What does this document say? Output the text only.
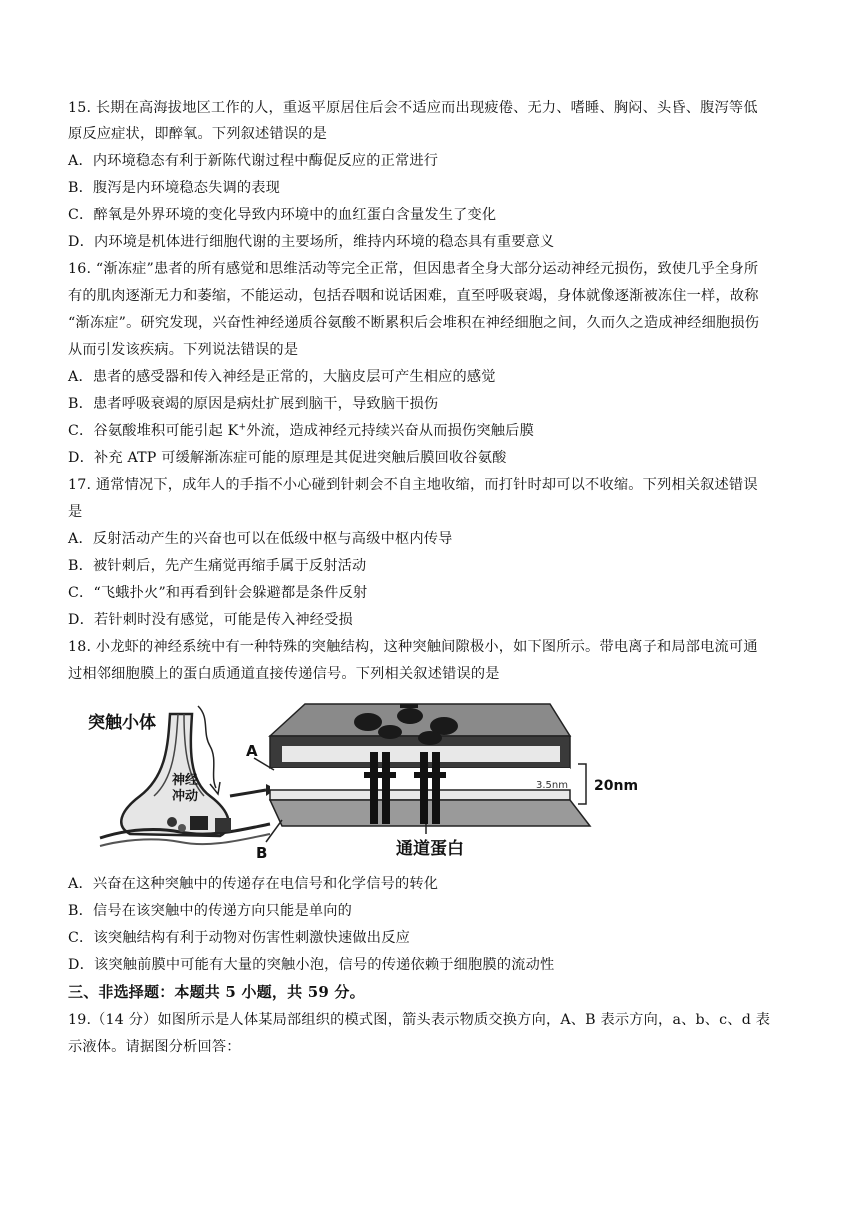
15. 长期在高海拔地区工作的人，重返平原居住后会不适应而出现疲倦、无力、嗜睡、胸闷、头昏、腹泻等低
原反应症状，即醉氧。下列叙述错误的是
A．内环境稳态有利于新陈代谢过程中酶促反应的正常进行
B．腹泻是内环境稳态失调的表现
C．醉氧是外界环境的变化导致内环境中的血红蛋白含量发生了变化
D．内环境是机体进行细胞代谢的主要场所，维持内环境的稳态具有重要意义
16. “渐冻症”患者的所有感觉和思维活动等完全正常，但因患者全身大部分运动神经元损伤，致使几乎全身所
有的肌肉逐渐无力和萎缩，不能运动，包括吞咽和说话困难，直至呼吸衰竭，身体就像逐渐被冻住一样，故称
“渐冻症”。研究发现，兴奋性神经递质谷氨酸不断累积后会堆积在神经细胞之间，久而久之造成神经细胞损伤
从而引发该疾病。下列说法错误的是
A．患者的感受器和传入神经是正常的，大脑皮层可产生相应的感觉
B．患者呼吸衰竭的原因是病灶扩展到脑干，导致脑干损伤
C．谷氨酸堆积可能引起 K+外流，造成神经元持续兴奋从而损伤突触后膜
D．补充 ATP 可缓解渐冻症可能的原理是其促进突触后膜回收谷氨酸
17. 通常情况下，成年人的手指不小心碰到针刺会不自主地收缩，而打针时却可以不收缩。下列相关叙述错误
是
A．反射活动产生的兴奋也可以在低级中枢与高级中枢内传导
B．被针刺后，先产生痛觉再缩手属于反射活动
C．“飞蛾扑火”和再看到针会躲避都是条件反射
D．若针刺时没有感觉，可能是传入神经受损
18. 小龙虾的神经系统中有一种特殊的突触结构，这种突触间隙极小，如下图所示。带电离子和局部电流可通
过相邻细胞膜上的蛋白质通道直接传递信号。下列相关叙述错误的是
突触小体
神经
冲动
A
B
3.5nm 20nm
通道蛋白
A．兴奋在这种突触中的传递存在电信号和化学信号的转化
B．信号在该突触中的传递方向只能是单向的
C．该突触结构有利于动物对伤害性刺激快速做出反应
D．该突触前膜中可能有大量的突触小泡，信号的传递依赖于细胞膜的流动性
三、非选择题：本题共 5 小题，共 59 分。
19.（14 分）如图所示是人体某局部组织的模式图，箭头表示物质交换方向，A、B 表示方向，a、b、c、d 表
示液体。请据图分析回答：
